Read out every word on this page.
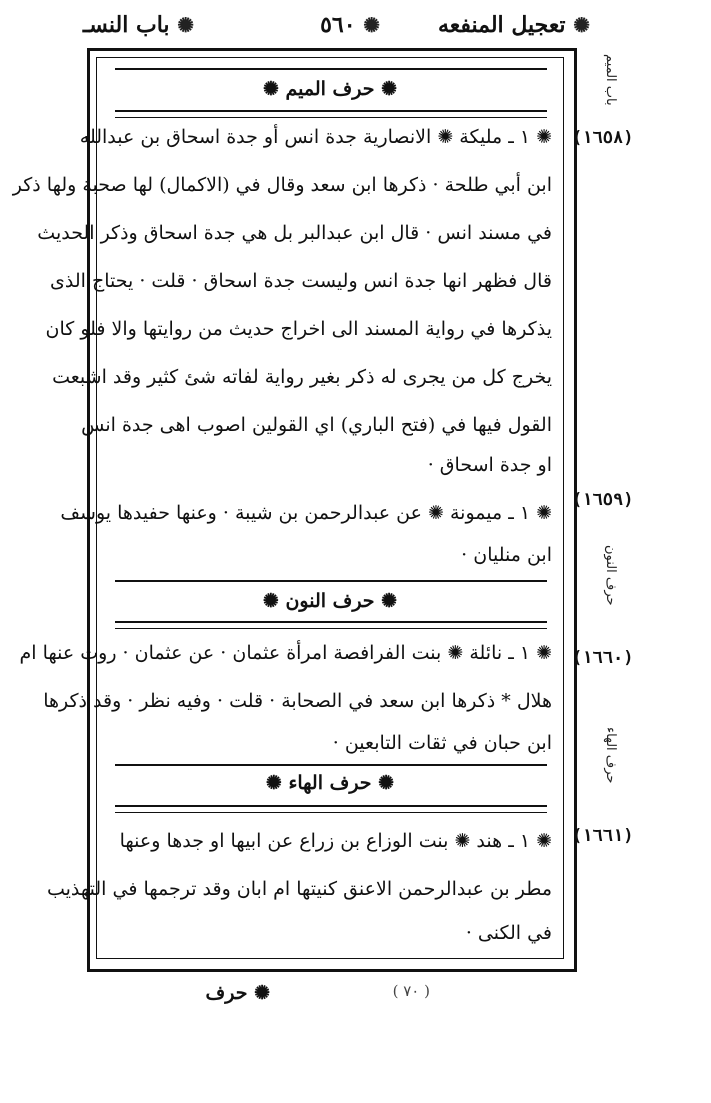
✺ تعجيل المنفعه
✺ ٥٦٠
✺ باب النسـ
✺ حرف الميم ✺
(١٦٥٨)
✺ ١ ـ مليكة ✺ الانصارية جدة انس أو جدة اسحاق بن عبدالله
ابن أبي طلحة · ذكرها ابن سعد وقال في (الاكمال) لها صحبة ولها ذكر
في مسند انس · قال ابن عبدالبر بل هي جدة اسحاق وذكر الحديث
قال فظهر انها جدة انس وليست جدة اسحاق · قلت · يحتاج الذى
يذكرها في رواية المسند الى اخراج حديث من روايتها والا فلو كان
يخرج كل من يجرى له ذكر بغير رواية لفاته شئ كثير وقد اشبعت
القول فيها في (فتح الباري) اي القولين اصوب اهى جدة انس
او جدة اسحاق ·
(١٦٥٩)
✺ ١ ـ ميمونة ✺ عن عبدالرحمن بن شيبة · وعنها حفيدها يوسف
ابن منليان ·
✺ حرف النون ✺
(١٦٦٠)
✺ ١ ـ نائلة ✺ بنت الفرافصة امرأة عثمان · عن عثمان · روت عنها ام
هلال * ذكرها ابن سعد في الصحابة · قلت · وفيه نظر · وقد ذكرها
ابن حبان في ثقات التابعين ·
✺ حرف الهاء ✺
(١٦٦١)
✺ ١ ـ هند ✺ بنت الوزاع بن زراع عن ابيها او جدها وعنها
مطر بن عبدالرحمن الاعنق كنيتها ام ابان وقد ترجمها في التهذيب
في الكنى ·
باب الميم
حرف النون
حرف الهاء
( ٧٠ )
✺ حرف
